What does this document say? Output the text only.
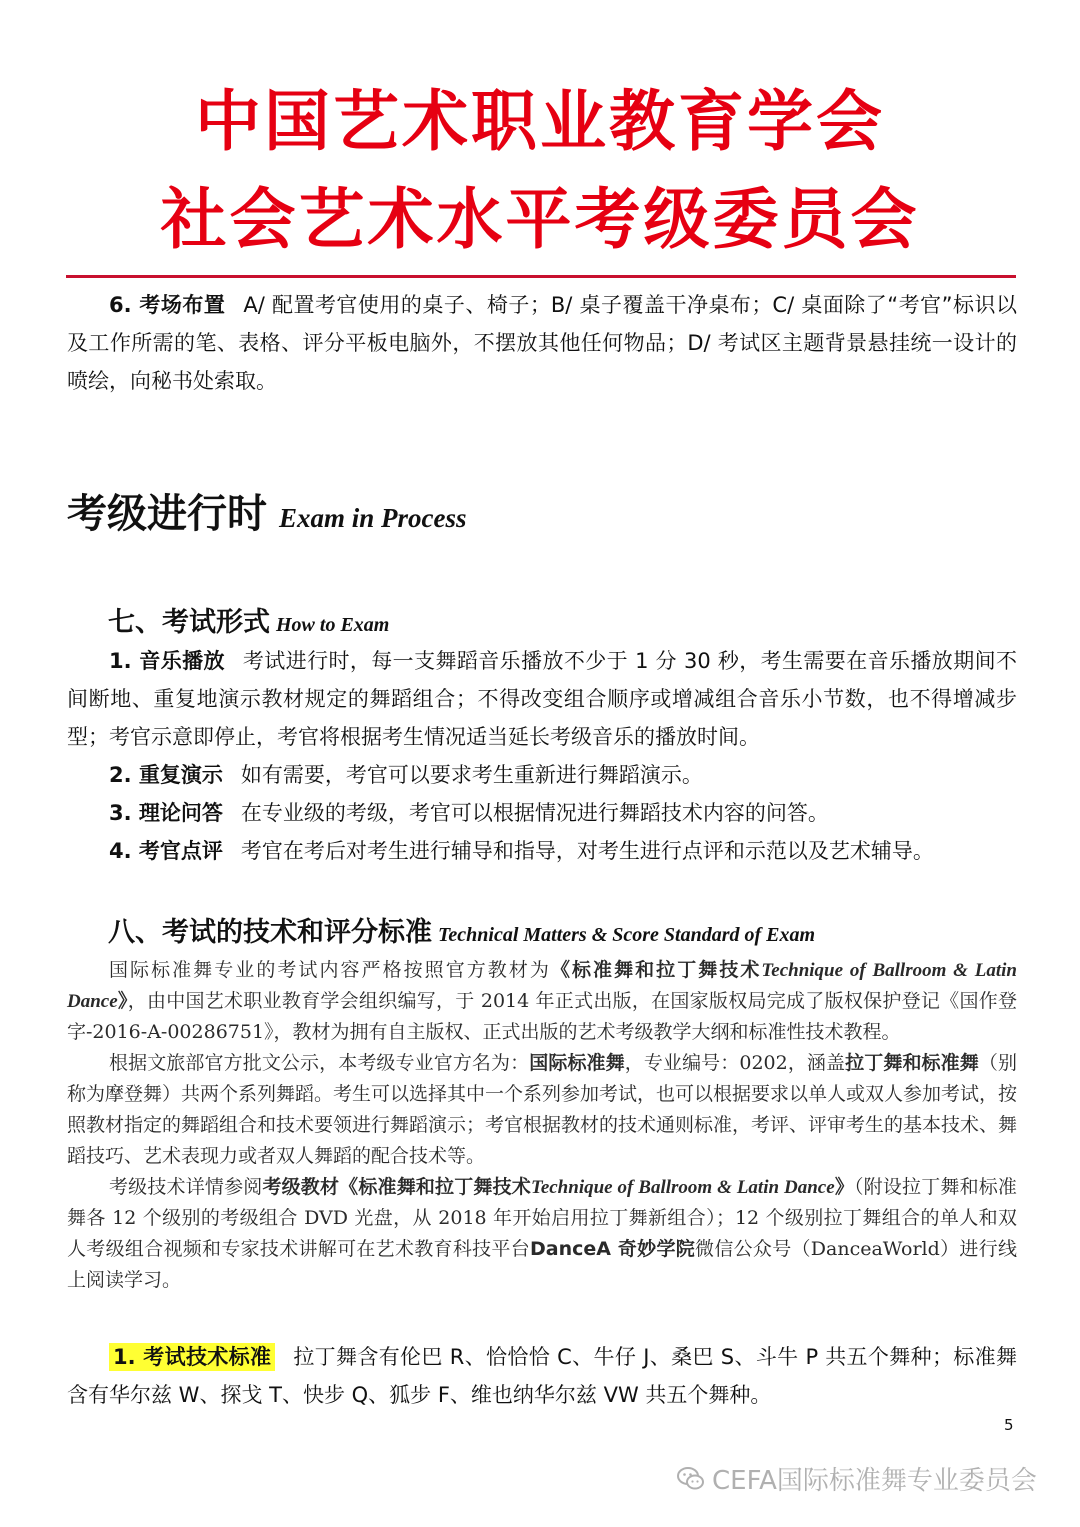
中国艺术职业教育学会
社会艺术水平考级委员会

6. 考场布置 A/ 配置考官使用的桌子、椅子；B/ 桌子覆盖干净桌布；C/ 桌面除了“考官”标识以及工作所需的笔、表格、评分平板电脑外，不摆放其他任何物品；D/ 考试区主题背景悬挂统一设计的喷绘，向秘书处索取。

考级进行时 Exam in Process
七、考试形式 How to Exam

1. 音乐播放 考试进行时，每一支舞蹈音乐播放不少于 1 分 30 秒，考生需要在音乐播放期间不间断地、重复地演示教材规定的舞蹈组合；不得改变组合顺序或增减组合音乐小节数，也不得增减步型；考官示意即停止，考官将根据考生情况适当延长考级音乐的播放时间。

2. 重复演示 如有需要，考官可以要求考生重新进行舞蹈演示。

3. 理论问答 在专业级的考级，考官可以根据情况进行舞蹈技术内容的问答。

4. 考官点评 考官在考后对考生进行辅导和指导，对考生进行点评和示范以及艺术辅导。

八、考试的技术和评分标准 Technical Matters & Score Standard of Exam

国际标准舞专业的考试内容严格按照官方教材为《标准舞和拉丁舞技术Technique of Ballroom & Latin Dance》，由中国艺术职业教育学会组织编写，于 2014 年正式出版，在国家版权局完成了版权保护登记《国作登字-2016-A-00286751》，教材为拥有自主版权、正式出版的艺术考级教学大纲和标准性技术教程。

根据文旅部官方批文公示，本考级专业官方名为：国际标准舞，专业编号：0202，涵盖拉丁舞和标准舞（别称为摩登舞）共两个系列舞蹈。考生可以选择其中一个系列参加考试，也可以根据要求以单人或双人参加考试，按照教材指定的舞蹈组合和技术要领进行舞蹈演示；考官根据教材的技术通则标准，考评、评审考生的基本技术、舞蹈技巧、艺术表现力或者双人舞蹈的配合技术等。

考级技术详情参阅考级教材《标准舞和拉丁舞技术Technique of Ballroom & Latin Dance》（附设拉丁舞和标准舞各 12 个级别的考级组合 DVD 光盘，从 2018 年开始启用拉丁舞新组合）；12 个级别拉丁舞组合的单人和双人考级组合视频和专家技术讲解可在艺术教育科技平台DanceA 奇妙学院微信公众号（DanceaWorld）进行线上阅读学习。

1. 考试技术标准 拉丁舞含有伦巴 R、恰恰恰 C、牛仔 J、桑巴 S、斗牛 P 共五个舞种；标准舞含有华尔兹 W、探戈 T、快步 Q、狐步 F、维也纳华尔兹 VW 共五个舞种。

5
CEFA国际标准舞专业委员会
